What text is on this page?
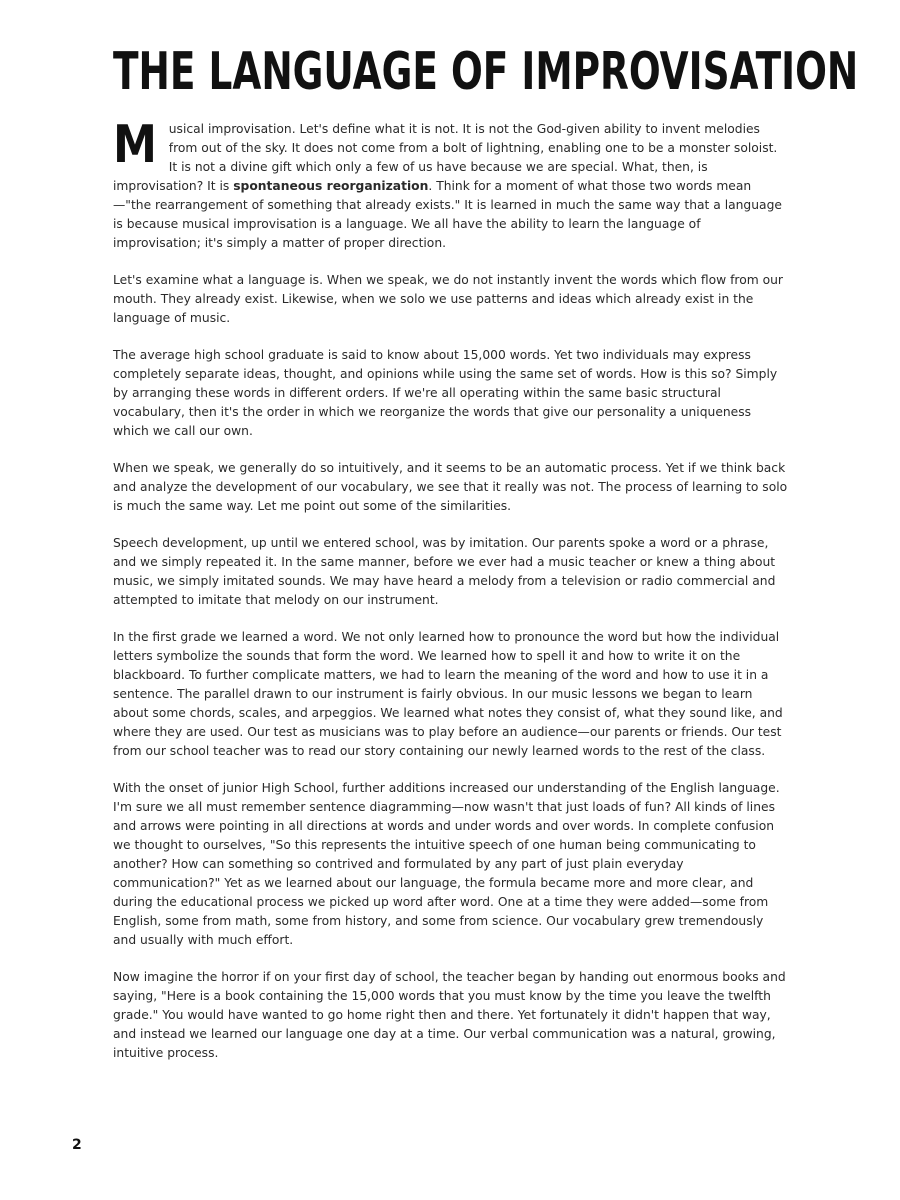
THE LANGUAGE OF IMPROVISATION

Musical improvisation. Let's define what it is not. It is not the God-given ability to invent melodies from out of the sky. It does not come from a bolt of lightning, enabling one to be a monster soloist. It is not a divine gift which only a few of us have because we are special. What, then, is improvisation? It is spontaneous reorganization. Think for a moment of what those two words mean—"the rearrangement of something that already exists." It is learned in much the same way that a language is because musical improvisation is a language. We all have the ability to learn the language of improvisation; it's simply a matter of proper direction.

Let's examine what a language is. When we speak, we do not instantly invent the words which flow from our mouth. They already exist. Likewise, when we solo we use patterns and ideas which already exist in the language of music.

The average high school graduate is said to know about 15,000 words. Yet two individuals may express completely separate ideas, thought, and opinions while using the same set of words. How is this so? Simply by arranging these words in different orders. If we're all operating within the same basic structural vocabulary, then it's the order in which we reorganize the words that give our personality a uniqueness which we call our own.

When we speak, we generally do so intuitively, and it seems to be an automatic process. Yet if we think back and analyze the development of our vocabulary, we see that it really was not. The process of learning to solo is much the same way. Let me point out some of the similarities.

Speech development, up until we entered school, was by imitation. Our parents spoke a word or a phrase, and we simply repeated it. In the same manner, before we ever had a music teacher or knew a thing about music, we simply imitated sounds. We may have heard a melody from a television or radio commercial and attempted to imitate that melody on our instrument.

In the first grade we learned a word. We not only learned how to pronounce the word but how the individual letters symbolize the sounds that form the word. We learned how to spell it and how to write it on the blackboard. To further complicate matters, we had to learn the meaning of the word and how to use it in a sentence. The parallel drawn to our instrument is fairly obvious. In our music lessons we began to learn about some chords, scales, and arpeggios. We learned what notes they consist of, what they sound like, and where they are used. Our test as musicians was to play before an audience—our parents or friends. Our test from our school teacher was to read our story containing our newly learned words to the rest of the class.

With the onset of junior High School, further additions increased our understanding of the English language. I'm sure we all must remember sentence diagramming—now wasn't that just loads of fun? All kinds of lines and arrows were pointing in all directions at words and under words and over words. In complete confusion we thought to ourselves, "So this represents the intuitive speech of one human being communicating to another? How can something so contrived and formulated by any part of just plain everyday communication?" Yet as we learned about our language, the formula became more and more clear, and during the educational process we picked up word after word. One at a time they were added—some from English, some from math, some from history, and some from science. Our vocabulary grew tremendously and usually with much effort.

Now imagine the horror if on your first day of school, the teacher began by handing out enormous books and saying, "Here is a book containing the 15,000 words that you must know by the time you leave the twelfth grade." You would have wanted to go home right then and there. Yet fortunately it didn't happen that way, and instead we learned our language one day at a time. Our verbal communication was a natural, growing, intuitive process.

2
